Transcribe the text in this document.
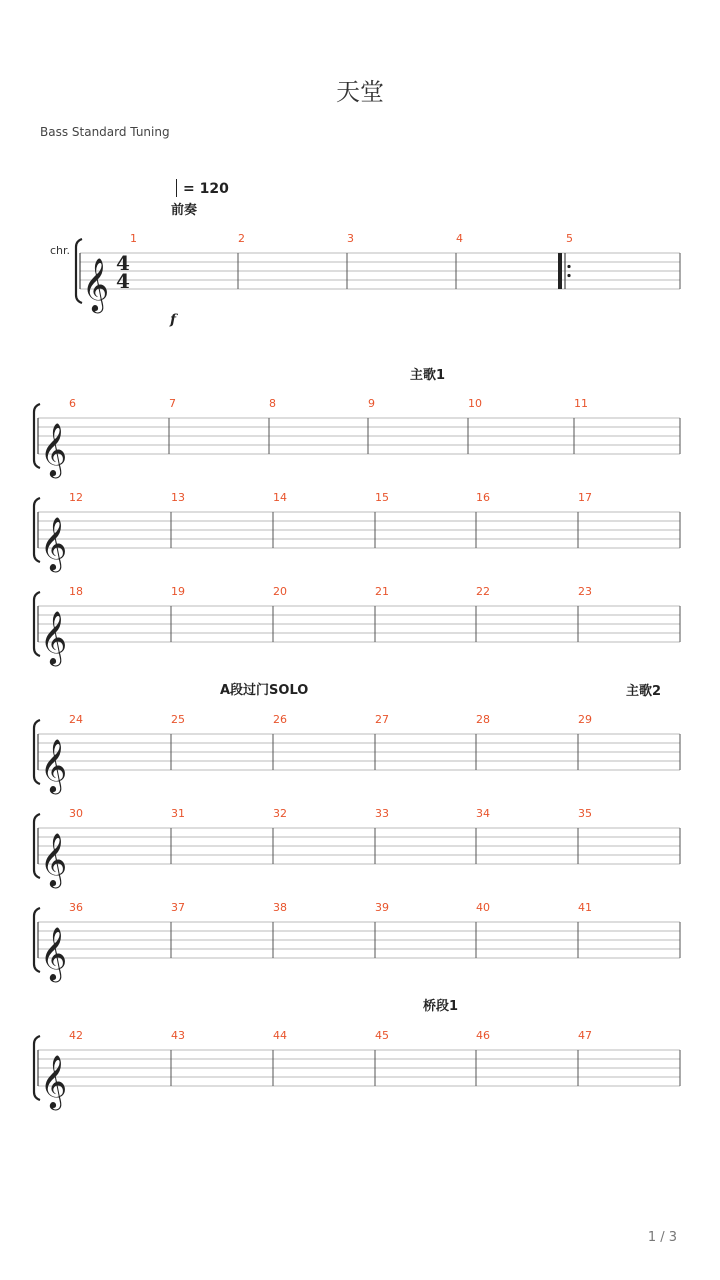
天堂
Bass Standard Tuning
= 120
前奏
主歌1
A段过门SOLO	主歌2
桥段1
chr.
f
𝄞 4
4
𝄞
𝄞
𝄞
𝄞
𝄞
𝄞
𝄞
1	2	3	4	5
6	7	8	9	10	11
12	13	14	15	16	17
18	19	20	21	22	23
24	25	26	27	28	29
30	31	32	33	34	35
36	37	38	39	40	41
42	43	44	45	46	47
1 / 3
